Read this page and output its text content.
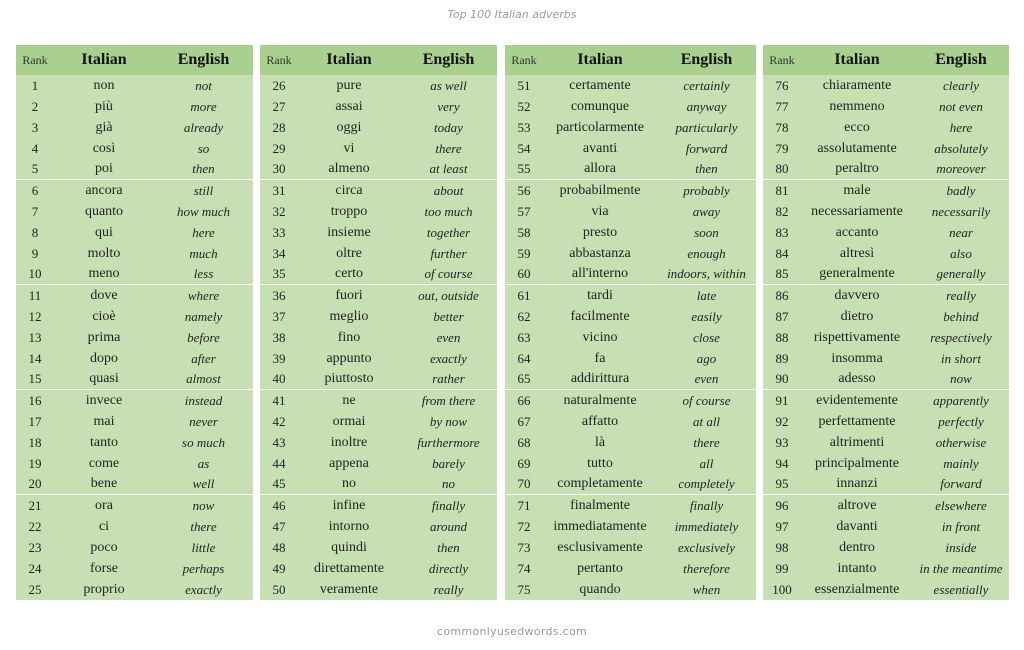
Top 100 Italian adverbs
Rank	Italian	English
1	non	not
2	più	more
3	già	already
4	così	so
5	poi	then
6	ancora	still
7	quanto	how much
8	qui	here
9	molto	much
10	meno	less
11	dove	where
12	cioè	namely
13	prima	before
14	dopo	after
15	quasi	almost
16	invece	instead
17	mai	never
18	tanto	so much
19	come	as
20	bene	well
21	ora	now
22	ci	there
23	poco	little
24	forse	perhaps
25	proprio	exactly
Rank	Italian	English
26	pure	as well
27	assai	very
28	oggi	today
29	vi	there
30	almeno	at least
31	circa	about
32	troppo	too much
33	insieme	together
34	oltre	further
35	certo	of course
36	fuori	out, outside
37	meglio	better
38	fino	even
39	appunto	exactly
40	piuttosto	rather
41	ne	from there
42	ormai	by now
43	inoltre	furthermore
44	appena	barely
45	no	no
46	infine	finally
47	intorno	around
48	quindi	then
49	direttamente	directly
50	veramente	really
Rank	Italian	English
51	certamente	certainly
52	comunque	anyway
53	particolarmente	particularly
54	avanti	forward
55	allora	then
56	probabilmente	probably
57	via	away
58	presto	soon
59	abbastanza	enough
60	all'interno	indoors, within
61	tardi	late
62	facilmente	easily
63	vicino	close
64	fa	ago
65	addirittura	even
66	naturalmente	of course
67	affatto	at all
68	là	there
69	tutto	all
70	completamente	completely
71	finalmente	finally
72	immediatamente	immediately
73	esclusivamente	exclusively
74	pertanto	therefore
75	quando	when
Rank	Italian	English
76	chiaramente	clearly
77	nemmeno	not even
78	ecco	here
79	assolutamente	absolutely
80	peraltro	moreover
81	male	badly
82	necessariamente	necessarily
83	accanto	near
84	altresì	also
85	generalmente	generally
86	davvero	really
87	dietro	behind
88	rispettivamente	respectively
89	insomma	in short
90	adesso	now
91	evidentemente	apparently
92	perfettamente	perfectly
93	altrimenti	otherwise
94	principalmente	mainly
95	innanzi	forward
96	altrove	elsewhere
97	davanti	in front
98	dentro	inside
99	intanto	in the meantime
100	essenzialmente	essentially
commonlyusedwords.com
